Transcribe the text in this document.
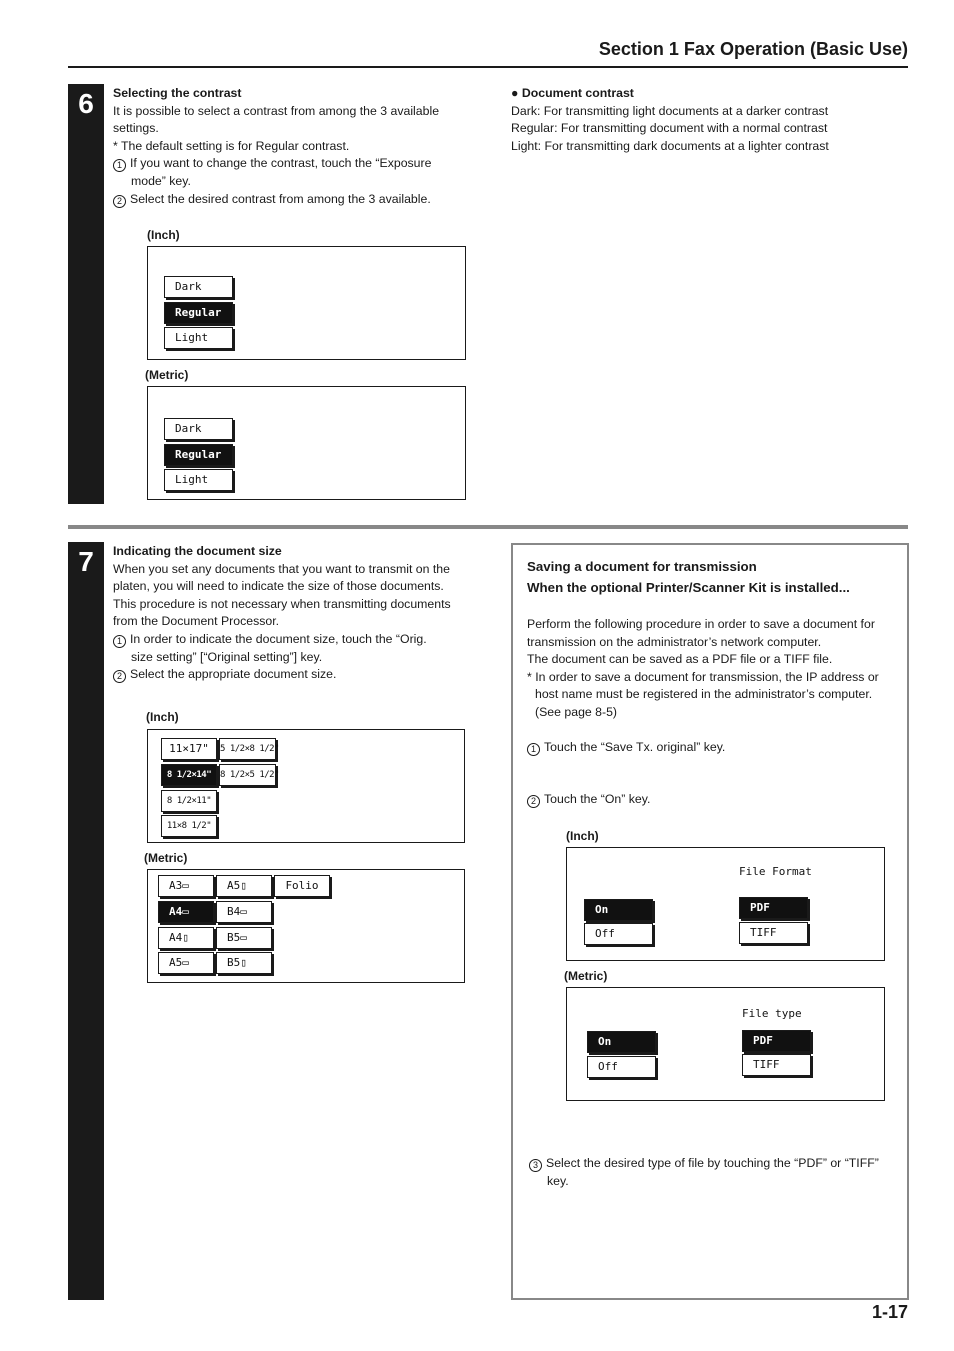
Section 1 Fax Operation (Basic Use)
6	Selecting the contrast

It is possible to select a contrast from among the 3 available

settings.

* The default setting is for Regular contrast.

1 If you want to change the contrast, touch the “Exposure

mode” key.

2 Select the desired contrast from among the 3 available.

● Document contrast

Dark: For transmitting light documents at a darker contrast

Regular: For transmitting document with a normal contrast

Light: For transmitting dark documents at a lighter contrast

(Inch)
Dark
Regular
Light
(Metric)
Dark
Regular
Light
7	Indicating the document size

When you set any documents that you want to transmit on the

platen, you will need to indicate the size of those documents.

This procedure is not necessary when transmitting documents

from the Document Processor.

1 In order to indicate the document size, touch the “Orig.

size setting” [“Original setting”] key.

2 Select the appropriate document size.

(Inch)
11×17"	5 1/2×8 1/2"
8 1/2×14" 8 1/2×5 1/2"
8 1/2×11"
11×8 1/2"
(Metric)
A3▭	A5▯	Folio
A4▭	B4▭
A4▯	B5▭
A5▭	B5▯

Saving a document for transmission

When the optional Printer/Scanner Kit is installed...

Perform the following procedure in order to save a document for

transmission on the administrator’s network computer.

The document can be saved as a PDF file or a TIFF file.

* In order to save a document for transmission, the IP address or

host name must be registered in the administrator’s computer.

(See page 8-5)

1 Touch the “Save Tx. original” key.

2 Touch the “On” key.

(Inch)
File Format
On
Off
PDF
TIFF
(Metric)
File type
On
Off
PDF
TIFF

3 Select the desired type of file by touching the “PDF” or “TIFF”

key.

1-17
